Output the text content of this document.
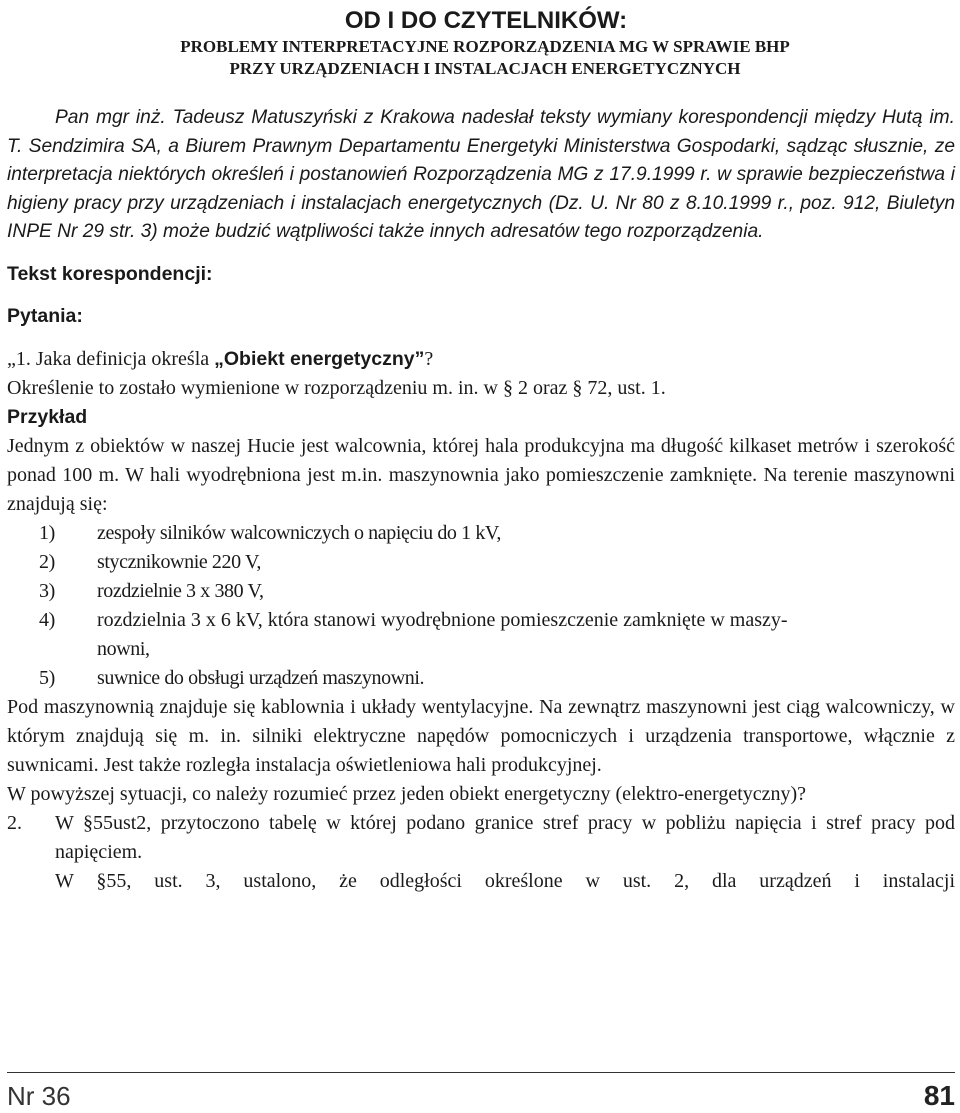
OD I DO CZYTELNIKÓW:
PROBLEMY INTERPRETACYJNE ROZPORZĄDZENIA MG W SPRAWIE BHP
PRZY URZĄDZENIACH I INSTALACJACH ENERGETYCZNYCH
Pan mgr inż. Tadeusz Matuszyński z Krakowa nadesłał teksty wymiany korespondencji między Hutą im. T. Sendzimira SA, a Biurem Prawnym Departamentu Energetyki Ministerstwa Gospodarki, sądząc słusznie, ze interpretacja niektórych określeń i postanowień Rozporządzenia MG z 17.9.1999 r. w sprawie bezpieczeństwa i higieny pracy przy urządzeniach i instalacjach energetycznych (Dz. U. Nr 80 z 8.10.1999 r., poz. 912, Biuletyn INPE Nr 29 str. 3) może budzić wątpliwości także innych adresatów tego rozporządzenia.
Tekst korespondencji:
Pytania:
„1. Jaka definicja określa „Obiekt energetyczny”?
Określenie to zostało wymienione w rozporządzeniu m. in. w § 2 oraz § 72, ust. 1.
Przykład
Jednym z obiektów w naszej Hucie jest walcownia, której hala produkcyjna ma długość kilkaset metrów i szerokość ponad 100 m. W hali wyodrębniona jest m.in. maszynownia jako pomieszczenie zamknięte. Na terenie maszynowni znajdują się:
1)	zespoły silników walcowniczych o napięciu do 1 kV,
2)	stycznikownie 220 V,
3)	rozdzielnie 3 x 380 V,
4)	rozdzielnia 3 x 6 kV, która stanowi wyodrębnione pomieszczenie zamknięte w maszy-
nowni,
5)	suwnice do obsługi urządzeń maszynowni.
Pod maszynownią znajduje się kablownia i układy wentylacyjne. Na zewnątrz maszynowni jest ciąg walcowniczy, w którym znajdują się m. in. silniki elektryczne napędów pomocniczych i urządzenia transportowe, włącznie z suwnicami. Jest także rozległa instalacja oświetleniowa hali produkcyjnej.
W powyższej sytuacji, co należy rozumieć przez jeden obiekt energetyczny (elektro-energetyczny)?
2.	W §55ust2, przytoczono tabelę w której podano granice stref pracy w pobliżu napięcia i stref pracy pod napięciem.
W §55, ust. 3, ustalono, że odległości określone w ust. 2, dla urządzeń i instalacji
Nr 36	81
